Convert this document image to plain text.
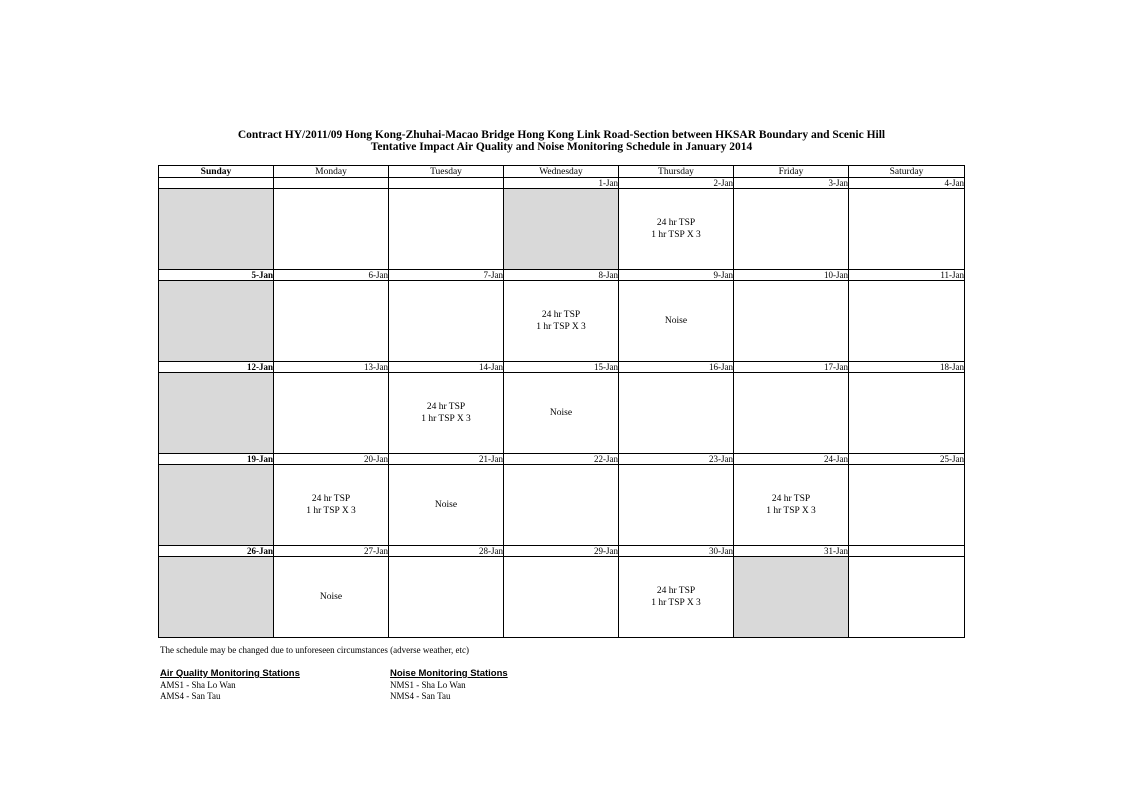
Contract HY/2011/09 Hong Kong-Zhuhai-Macao Bridge Hong Kong Link Road-Section between HKSAR Boundary and Scenic Hill
Tentative Impact Air Quality and Noise Monitoring Schedule in January 2014
Sunday	Monday	Tuesday	Wednesday	Thursday	Friday	Saturday
			1-Jan	2-Jan	3-Jan	4-Jan

				24 hr TSP
1 hr TSP X 3		

5-Jan	6-Jan	7-Jan	8-Jan	9-Jan	10-Jan	11-Jan

			24 hr TSP
1 hr TSP X 3	Noise		

12-Jan	13-Jan	14-Jan	15-Jan	16-Jan	17-Jan	18-Jan

		24 hr TSP
1 hr TSP X 3	Noise			

19-Jan	20-Jan	21-Jan	22-Jan	23-Jan	24-Jan	25-Jan

	24 hr TSP
1 hr TSP X 3	Noise			24 hr TSP
1 hr TSP X 3	

26-Jan	27-Jan	28-Jan	29-Jan	30-Jan	31-Jan	

	Noise			24 hr TSP
1 hr TSP X 3		

The schedule may be changed due to unforeseen circumstances (adverse weather, etc)
Air Quality Monitoring Stations
AMS1 - Sha Lo Wan
AMS4 - San Tau
Noise Monitoring Stations
NMS1 - Sha Lo Wan
NMS4 - San Tau
